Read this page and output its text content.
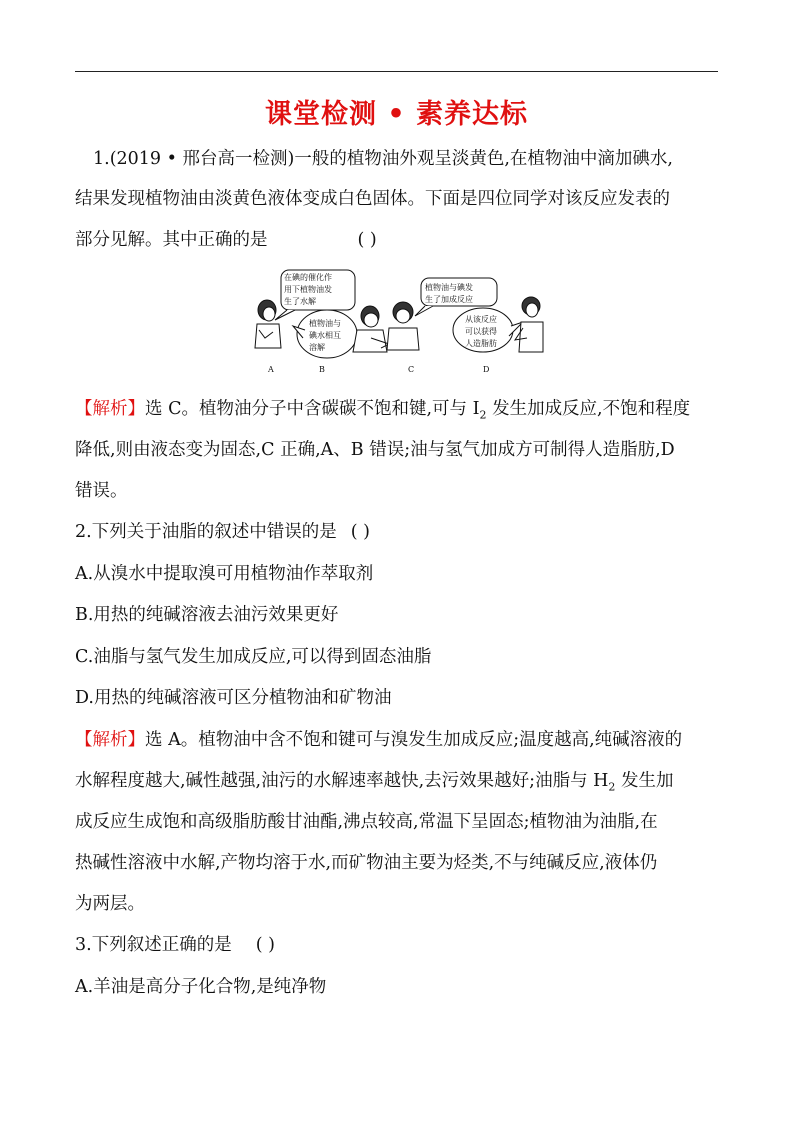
课堂检测 • 素养达标
1.(2019 • 邢台高一检测)一般的植物油外观呈淡黄色,在植物油中滴加碘水,
结果发现植物油由淡黄色液体变成白色固体。下面是四位同学对该反应发表的
部分见解。其中正确的是	( )
在碘的催化作
用下植物油发
生了水解
植物油与
碘水相互
溶解
植物油与碘发
生了加成反应
从该反应
可以获得
人造脂肪
A	B	C	D
【解析】选 C。植物油分子中含碳碳不饱和键,可与 $I_2$ 发生加成反应,不饱和程度
降低,则由液态变为固态,C 正确,A、B 错误;油与氢气加成方可制得人造脂肪,D
错误。
2.下列关于油脂的叙述中错误的是 ( )
A.从溴水中提取溴可用植物油作萃取剂
B.用热的纯碱溶液去油污效果更好
C.油脂与氢气发生加成反应,可以得到固态油脂
D.用热的纯碱溶液可区分植物油和矿物油
【解析】选 A。植物油中含不饱和键可与溴发生加成反应;温度越高,纯碱溶液的
水解程度越大,碱性越强,油污的水解速率越快,去污效果越好;油脂与 $H_2$ 发生加
成反应生成饱和高级脂肪酸甘油酯,沸点较高,常温下呈固态;植物油为油脂,在
热碱性溶液中水解,产物均溶于水,而矿物油主要为烃类,不与纯碱反应,液体仍
为两层。
3.下列叙述正确的是 ( )
A.羊油是高分子化合物,是纯净物
